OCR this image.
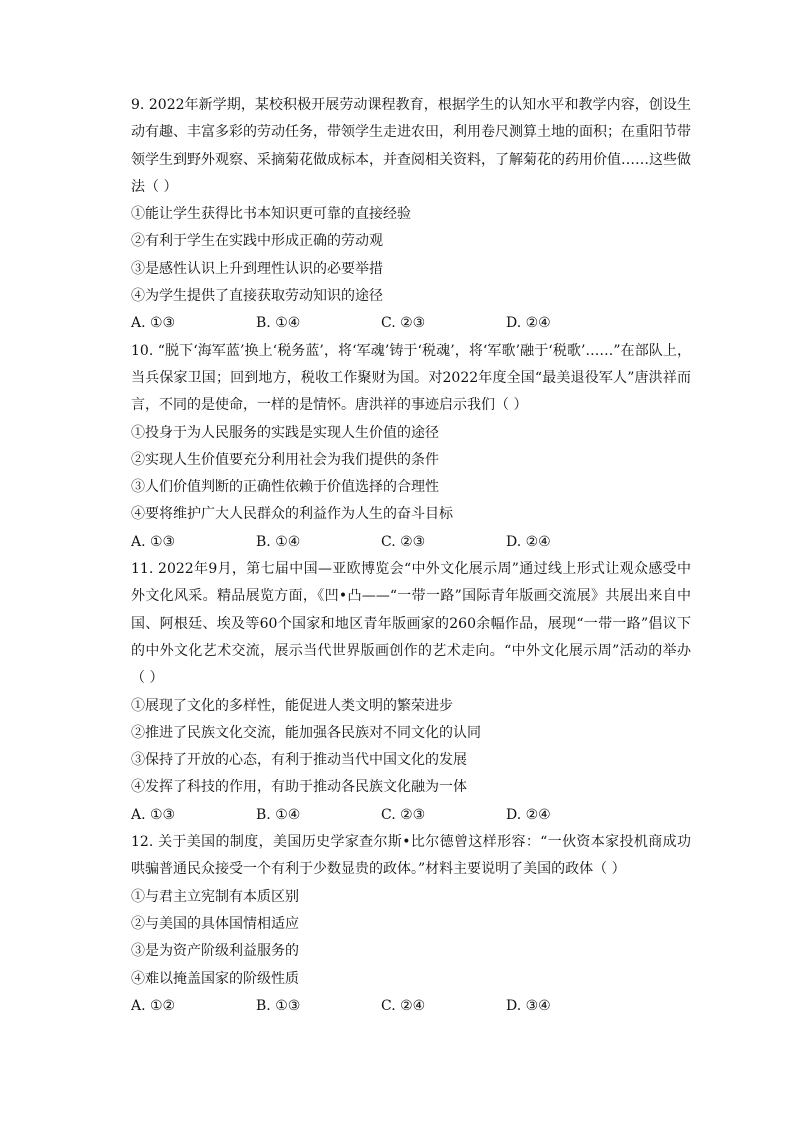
9. 2022年新学期，某校积极开展劳动课程教育，根据学生的认知水平和教学内容，创设生动有趣、丰富多彩的劳动任务，带领学生走进农田，利用卷尺测算土地的面积；在重阳节带领学生到野外观察、采摘菊花做成标本，并查阅相关资料，了解菊花的药用价值……这些做法（ ）

①能让学生获得比书本知识更可靠的直接经验

②有利于学生在实践中形成正确的劳动观

③是感性认识上升到理性认识的必要举措

④为学生提供了直接获取劳动知识的途径

A. ①③	B. ①④	C. ②③	D. ②④

10. “脱下‘海军蓝’换上‘税务蓝’，将‘军魂’铸于‘税魂’，将‘军歌’融于‘税歌’……”在部队上，当兵保家卫国；回到地方，税收工作聚财为国。对2022年度全国“最美退役军人”唐洪祥而言，不同的是使命，一样的是情怀。唐洪祥的事迹启示我们（ ）

①投身于为人民服务的实践是实现人生价值的途径

②实现人生价值要充分利用社会为我们提供的条件

③人们价值判断的正确性依赖于价值选择的合理性

④要将维护广大人民群众的利益作为人生的奋斗目标

A. ①③	B. ①④	C. ②③	D. ②④

11. 2022年9月，第七届中国—亚欧博览会“中外文化展示周”通过线上形式让观众感受中外文化风采。精品展览方面，《凹•凸——“一带一路”国际青年版画交流展》共展出来自中国、阿根廷、埃及等60个国家和地区青年版画家的260余幅作品，展现“一带一路”倡议下的中外文化艺术交流，展示当代世界版画创作的艺术走向。“中外文化展示周”活动的举办（ ）

①展现了文化的多样性，能促进人类文明的繁荣进步

②推进了民族文化交流，能加强各民族对不同文化的认同

③保持了开放的心态，有利于推动当代中国文化的发展

④发挥了科技的作用，有助于推动各民族文化融为一体

A. ①③	B. ①④	C. ②③	D. ②④

12. 关于美国的制度，美国历史学家查尔斯•比尔德曾这样形容：“一伙资本家投机商成功哄骗普通民众接受一个有利于少数显贵的政体。”材料主要说明了美国的政体（ ）

①与君主立宪制有本质区别

②与美国的具体国情相适应

③是为资产阶级利益服务的

④难以掩盖国家的阶级性质

A. ①②	B. ①③	C. ②④	D. ③④
